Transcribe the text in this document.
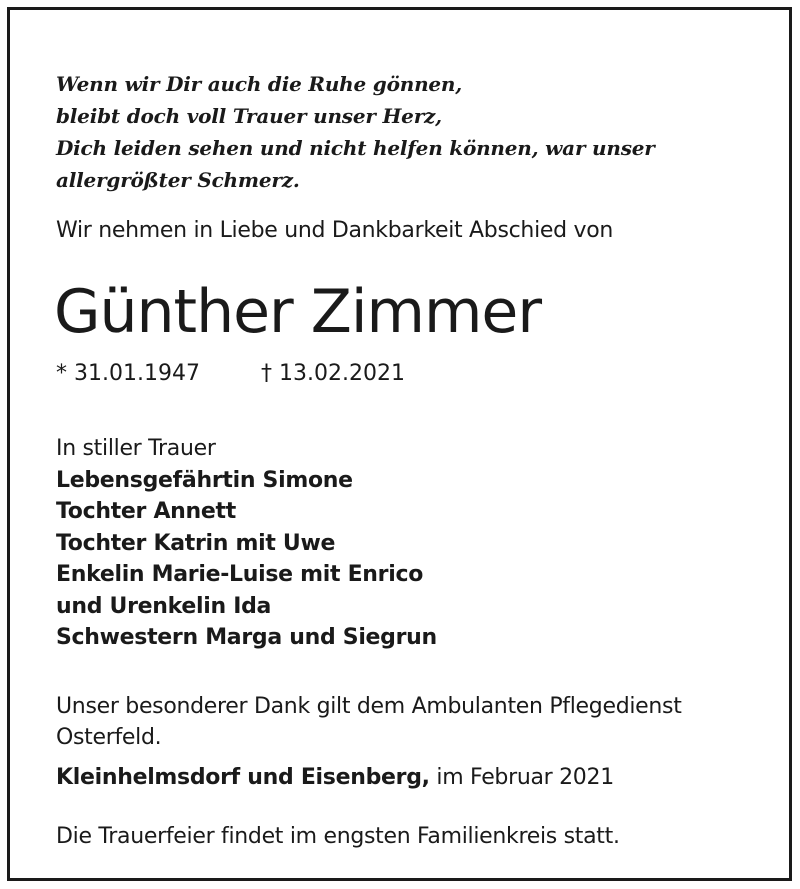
Wenn wir Dir auch die Ruhe gönnen,
bleibt doch voll Trauer unser Herz,
Dich leiden sehen und nicht helfen können, war unser
allergrößter Schmerz.
Wir nehmen in Liebe und Dankbarkeit Abschied von
Günther Zimmer
* 31.01.1947	† 13.02.2021
In stiller Trauer
Lebensgefährtin Simone
Tochter Annett
Tochter Katrin mit Uwe
Enkelin Marie-Luise mit Enrico
und Urenkelin Ida
Schwestern Marga und Siegrun
Unser besonderer Dank gilt dem Ambulanten Pflegedienst Osterfeld.
Kleinhelmsdorf und Eisenberg, im Februar 2021
Die Trauerfeier findet im engsten Familienkreis statt.
